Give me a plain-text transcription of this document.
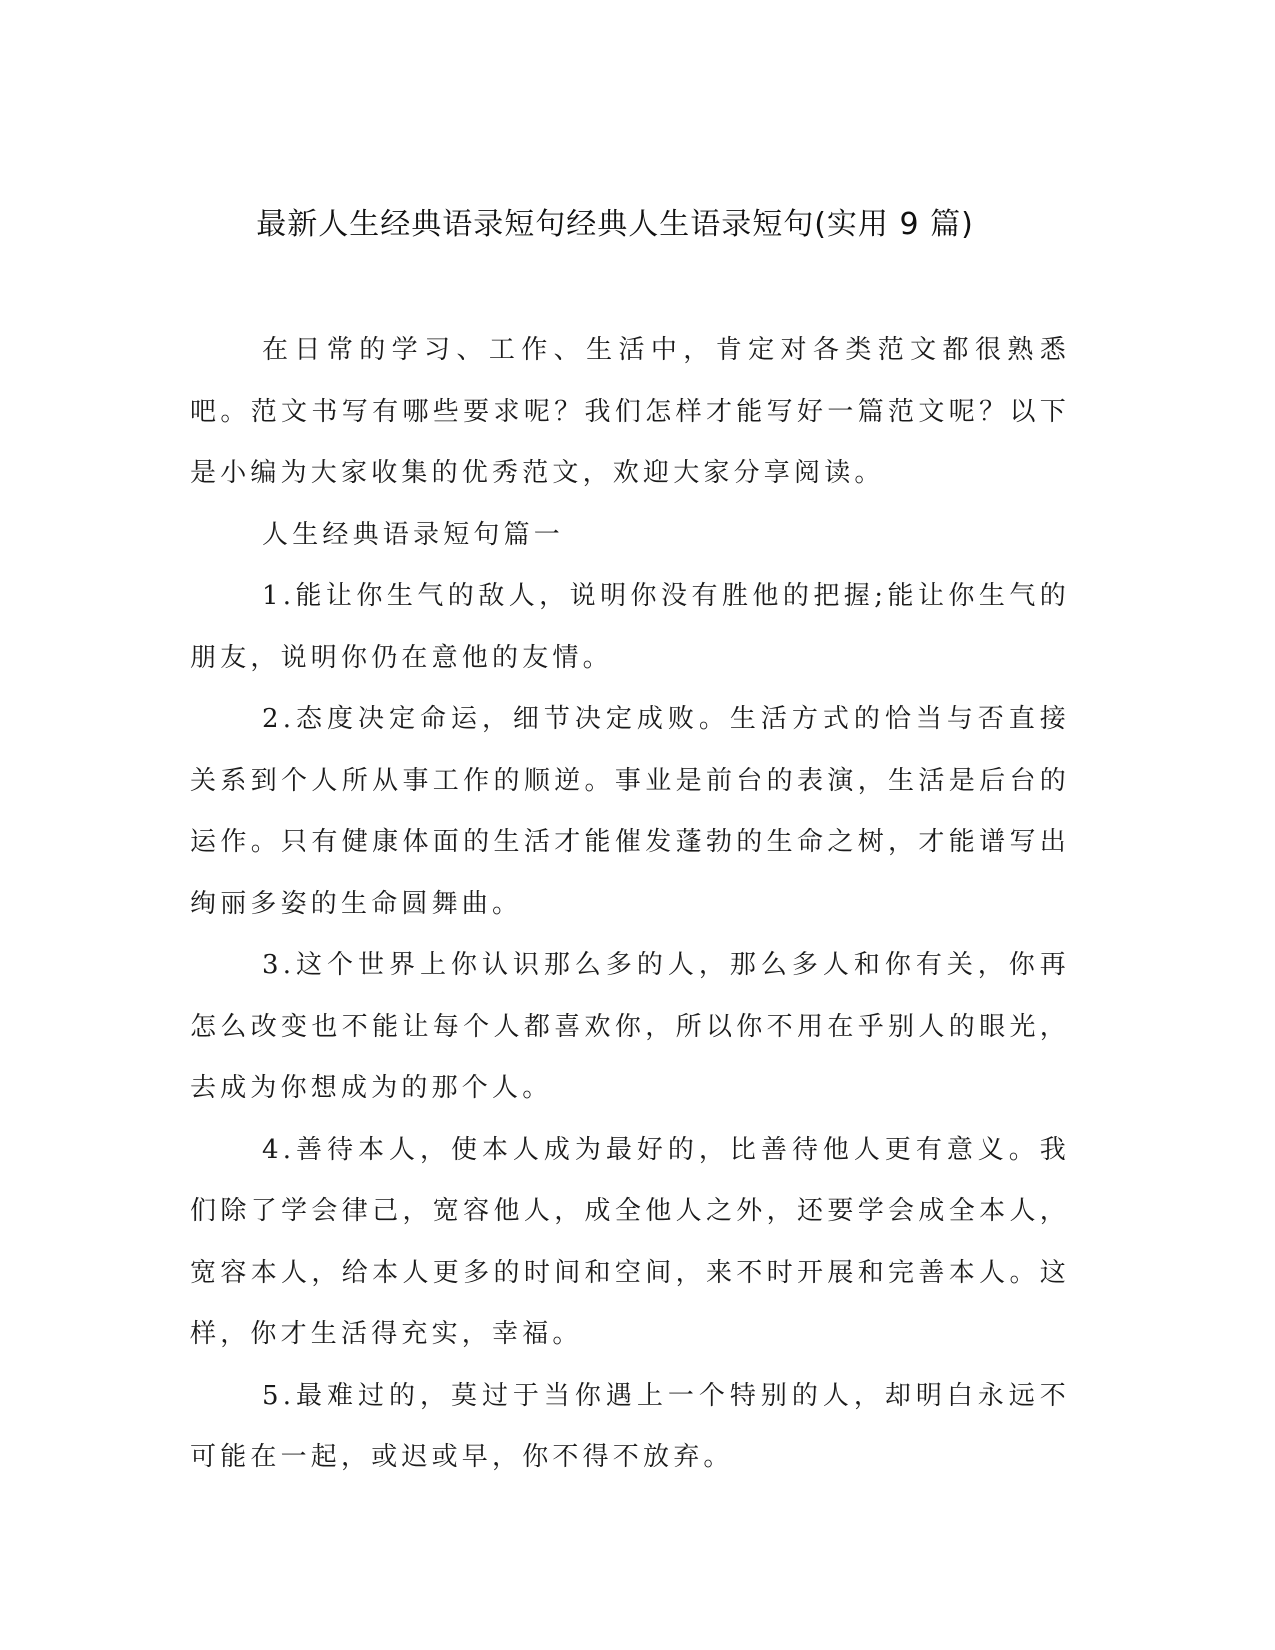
最新人生经典语录短句经典人生语录短句(实用 9 篇)

在日常的学习、工作、生活中，肯定对各类范文都很熟悉吧。范文书写有哪些要求呢？我们怎样才能写好一篇范文呢？以下是小编为大家收集的优秀范文，欢迎大家分享阅读。

人生经典语录短句篇一

1.能让你生气的敌人，说明你没有胜他的把握;能让你生气的朋友，说明你仍在意他的友情。

2.态度决定命运，细节决定成败。生活方式的恰当与否直接关系到个人所从事工作的顺逆。事业是前台的表演，生活是后台的运作。只有健康体面的生活才能催发蓬勃的生命之树，才能谱写出绚丽多姿的生命圆舞曲。

3.这个世界上你认识那么多的人，那么多人和你有关，你再怎么改变也不能让每个人都喜欢你，所以你不用在乎别人的眼光，去成为你想成为的那个人。

4.善待本人，使本人成为最好的，比善待他人更有意义。我们除了学会律己，宽容他人，成全他人之外，还要学会成全本人，宽容本人，给本人更多的时间和空间，来不时开展和完善本人。这样，你才生活得充实，幸福。

5.最难过的，莫过于当你遇上一个特别的人，却明白永远不可能在一起，或迟或早，你不得不放弃。
